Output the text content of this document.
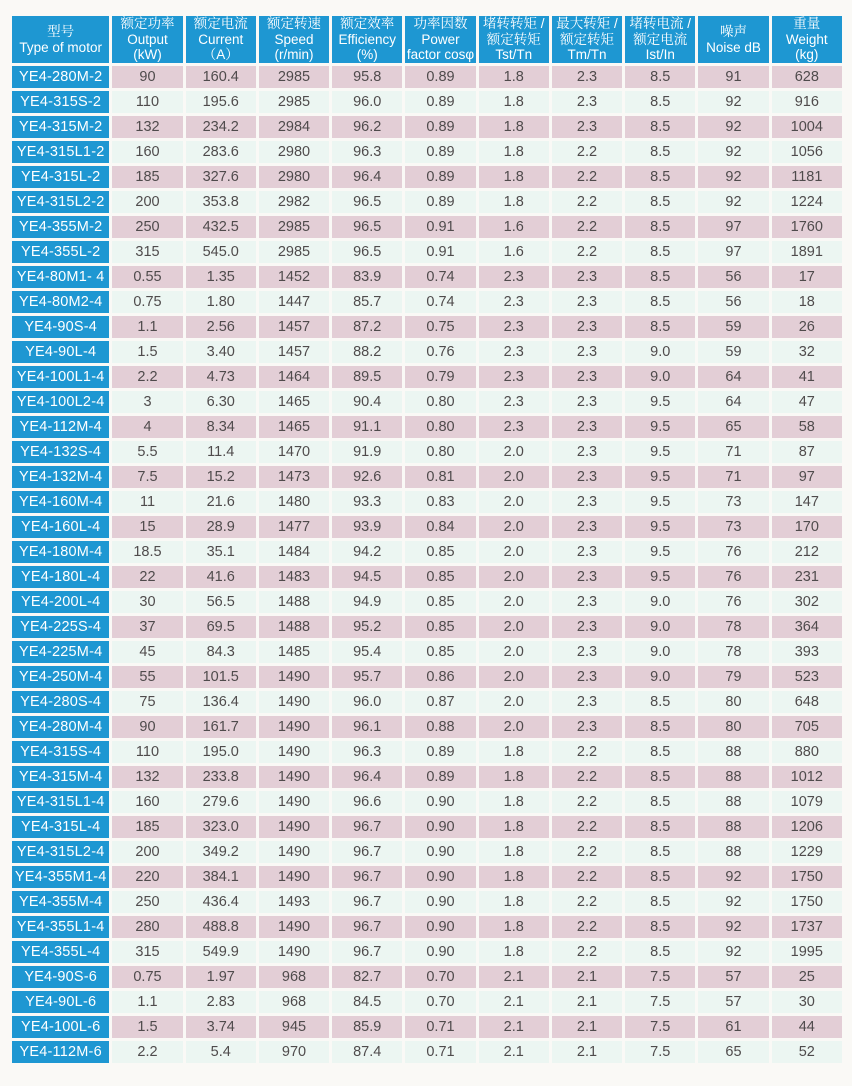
型号
Type of motor	额定功率
Output
(kW)	额定电流
Current
（A）	额定转速
Speed
(r/min)	额定效率
Efficiency
(%)	功率因数
Power
factor cosφ	堵转转矩 /
额定转矩
Tst/Tn	最大转矩 /
额定转矩
Tm/Tn	堵转电流 /
额定电流
Ist/In	噪声
Noise dB	重量
Weight
(kg)

YE4-280M-2	90	160.4	2985	95.8	0.89	1.8	2.3	8.5	91	628
YE4-315S-2	110	195.6	2985	96.0	0.89	1.8	2.3	8.5	92	916
YE4-315M-2	132	234.2	2984	96.2	0.89	1.8	2.3	8.5	92	1004
YE4-315L1-2	160	283.6	2980	96.3	0.89	1.8	2.2	8.5	92	1056
YE4-315L-2	185	327.6	2980	96.4	0.89	1.8	2.2	8.5	92	1181
YE4-315L2-2	200	353.8	2982	96.5	0.89	1.8	2.2	8.5	92	1224
YE4-355M-2	250	432.5	2985	96.5	0.91	1.6	2.2	8.5	97	1760
YE4-355L-2	315	545.0	2985	96.5	0.91	1.6	2.2	8.5	97	1891
YE4-80M1- 4	0.55	1.35	1452	83.9	0.74	2.3	2.3	8.5	56	17
YE4-80M2-4	0.75	1.80	1447	85.7	0.74	2.3	2.3	8.5	56	18
YE4-90S-4	1.1	2.56	1457	87.2	0.75	2.3	2.3	8.5	59	26
YE4-90L-4	1.5	3.40	1457	88.2	0.76	2.3	2.3	9.0	59	32
YE4-100L1-4	2.2	4.73	1464	89.5	0.79	2.3	2.3	9.0	64	41
YE4-100L2-4	3	6.30	1465	90.4	0.80	2.3	2.3	9.5	64	47
YE4-112M-4	4	8.34	1465	91.1	0.80	2.3	2.3	9.5	65	58
YE4-132S-4	5.5	11.4	1470	91.9	0.80	2.0	2.3	9.5	71	87
YE4-132M-4	7.5	15.2	1473	92.6	0.81	2.0	2.3	9.5	71	97
YE4-160M-4	11	21.6	1480	93.3	0.83	2.0	2.3	9.5	73	147
YE4-160L-4	15	28.9	1477	93.9	0.84	2.0	2.3	9.5	73	170
YE4-180M-4	18.5	35.1	1484	94.2	0.85	2.0	2.3	9.5	76	212
YE4-180L-4	22	41.6	1483	94.5	0.85	2.0	2.3	9.5	76	231
YE4-200L-4	30	56.5	1488	94.9	0.85	2.0	2.3	9.0	76	302
YE4-225S-4	37	69.5	1488	95.2	0.85	2.0	2.3	9.0	78	364
YE4-225M-4	45	84.3	1485	95.4	0.85	2.0	2.3	9.0	78	393
YE4-250M-4	55	101.5	1490	95.7	0.86	2.0	2.3	9.0	79	523
YE4-280S-4	75	136.4	1490	96.0	0.87	2.0	2.3	8.5	80	648
YE4-280M-4	90	161.7	1490	96.1	0.88	2.0	2.3	8.5	80	705
YE4-315S-4	110	195.0	1490	96.3	0.89	1.8	2.2	8.5	88	880
YE4-315M-4	132	233.8	1490	96.4	0.89	1.8	2.2	8.5	88	1012
YE4-315L1-4	160	279.6	1490	96.6	0.90	1.8	2.2	8.5	88	1079
YE4-315L-4	185	323.0	1490	96.7	0.90	1.8	2.2	8.5	88	1206
YE4-315L2-4	200	349.2	1490	96.7	0.90	1.8	2.2	8.5	88	1229
YE4-355M1-4	220	384.1	1490	96.7	0.90	1.8	2.2	8.5	92	1750
YE4-355M-4	250	436.4	1493	96.7	0.90	1.8	2.2	8.5	92	1750
YE4-355L1-4	280	488.8	1490	96.7	0.90	1.8	2.2	8.5	92	1737
YE4-355L-4	315	549.9	1490	96.7	0.90	1.8	2.2	8.5	92	1995
YE4-90S-6	0.75	1.97	968	82.7	0.70	2.1	2.1	7.5	57	25
YE4-90L-6	1.1	2.83	968	84.5	0.70	2.1	2.1	7.5	57	30
YE4-100L-6	1.5	3.74	945	85.9	0.71	2.1	2.1	7.5	61	44
YE4-112M-6	2.2	5.4	970	87.4	0.71	2.1	2.1	7.5	65	52
